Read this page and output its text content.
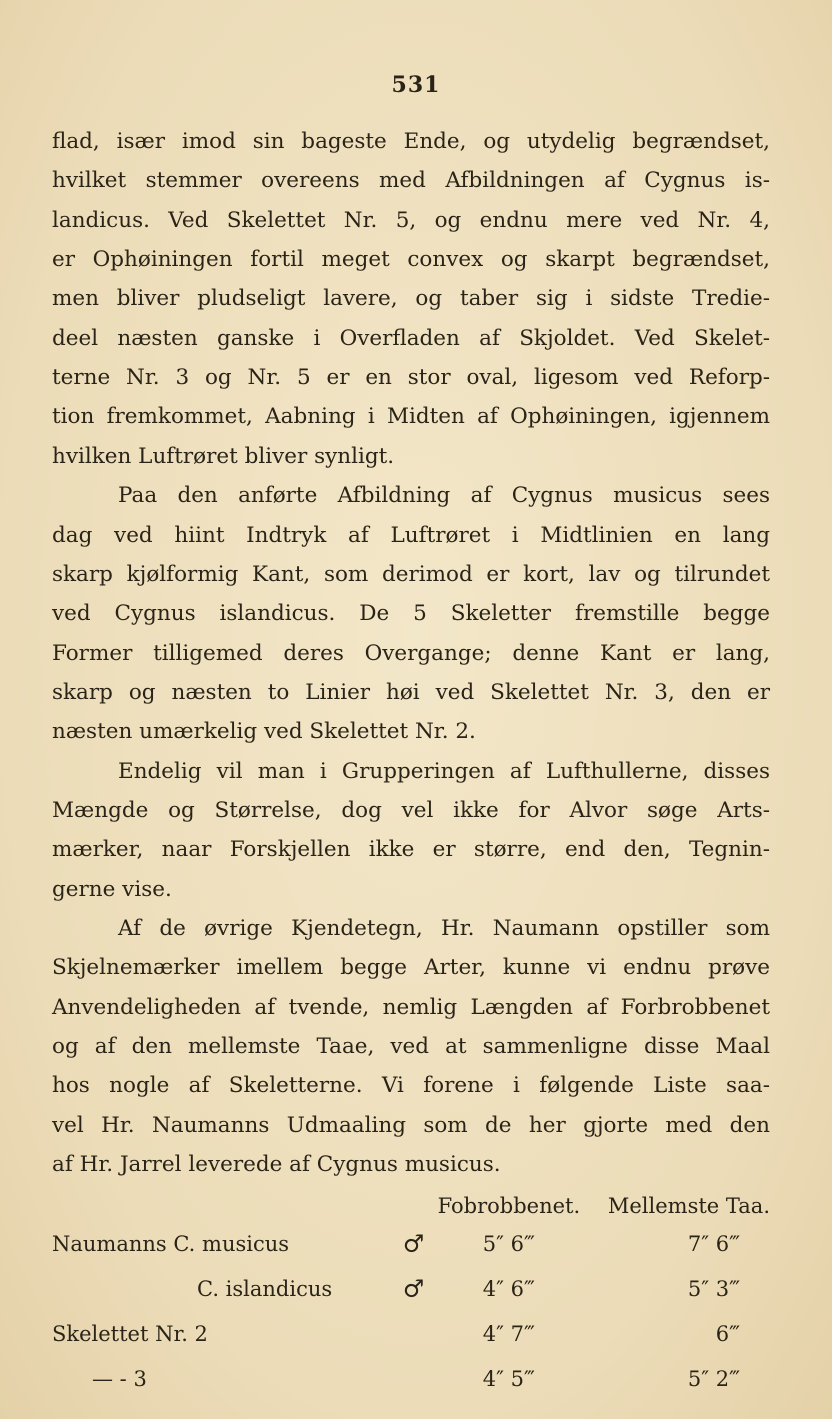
531
flad, især imod sin bageste Ende, og utydelig begrændset,
hvilket stemmer overeens med Afbildningen af Cygnus is-
landicus. Ved Skelettet Nr. 5, og endnu mere ved Nr. 4,
er Ophøiningen fortil meget convex og skarpt begrændset,
men bliver pludseligt lavere, og taber sig i sidste Trediе-
deel næsten ganske i Overfladen af Skjoldet. Ved Skelet-
terne Nr. 3 og Nr. 5 er en stor oval, ligesom ved Reforp-
tion fremkommet, Aabning i Midten af Ophøiningen, igjennem
hvilken Luftrøret bliver synligt.
Paa den anførte Afbildning af Cygnus musicus sees
dag ved hiint Indtryk af Luftrøret i Midtlinien en lang
skarp kjølformig Kant, som derimod er kort, lav og tilrundet
ved Cygnus islandicus. De 5 Skeletter fremstille begge
Former tilligemed deres Overgange; denne Kant er lang,
skarp og næsten to Linier høi ved Skelettet Nr. 3, den er
næsten umærkelig ved Skelettet Nr. 2.
Endelig vil man i Grupperingen af Lufthullerne, disses
Mængde og Størrelse, dog vel ikke for Alvor søge Arts-
mærker, naar Forskjellen ikke er større, end den, Tegnin-
gerne vise.
Af de øvrige Kjendetegn, Hr. Naumann opstiller som
Skjelnemærker imellem begge Arter, kunne vi endnu prøve
Anvendeligheden af tvende, nemlig Længden af Forbrobbenet
og af den mellemste Taae, ved at sammenligne disse Maal
hos nogle af Skeletterne. Vi forene i følgende Liste saa-
vel Hr. Naumanns Udmaaling som de her gjorte med den
af Hr. Jarrel leverede af Cygnus musicus.
		Fobrobbenet.	Mellemste Taa.
Naumanns C. musicus	♂	5″ 6‴	7″ 6‴
C. islandicus	♂	4″ 6‴	5″ 3‴
Skelettet Nr. 2		4″ 7‴	6‴
— - 3		4″ 5‴	5″ 2‴
